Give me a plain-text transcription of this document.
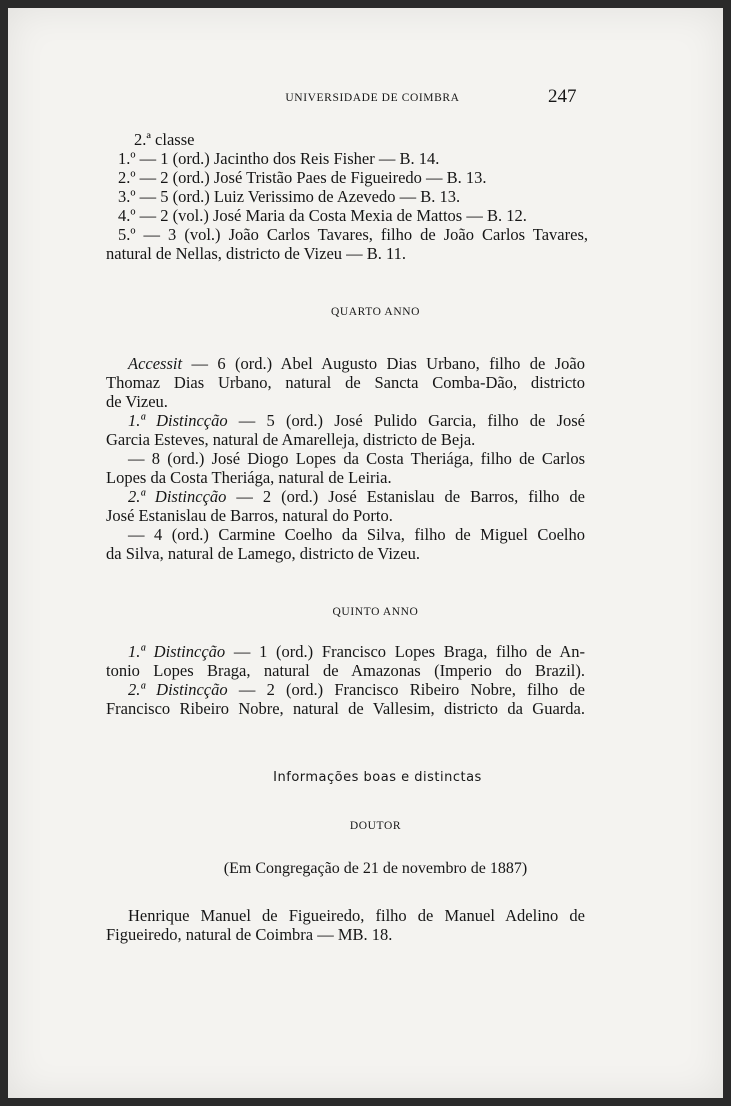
UNIVERSIDADE DE COIMBRA	247
2.ª classe
1.º — 1 (ord.) Jacintho dos Reis Fisher — B. 14.
2.º — 2 (ord.) José Tristão Paes de Figueiredo — B. 13.
3.º — 5 (ord.) Luiz Verissimo de Azevedo — B. 13.
4.º — 2 (vol.) José Maria da Costa Mexia de Mattos — B. 12.
5.º — 3 (vol.) João Carlos Tavares, filho de João Carlos Tavares,
natural de Nellas, districto de Vizeu — B. 11.
QUARTO ANNO
Accessit — 6 (ord.) Abel Augusto Dias Urbano, filho de João
Thomaz Dias Urbano, natural de Sancta Comba-Dão, districto
de Vizeu.
1.ª Distincção — 5 (ord.) José Pulido Garcia, filho de José
Garcia Esteves, natural de Amarelleja, districto de Beja.
— 8 (ord.) José Diogo Lopes da Costa Theriága, filho de Carlos
Lopes da Costa Theriága, natural de Leiria.
2.ª Distincção — 2 (ord.) José Estanislau de Barros, filho de
José Estanislau de Barros, natural do Porto.
— 4 (ord.) Carmine Coelho da Silva, filho de Miguel Coelho
da Silva, natural de Lamego, districto de Vizeu.
QUINTO ANNO
1.ª Distincção — 1 (ord.) Francisco Lopes Braga, filho de An-
tonio Lopes Braga, natural de Amazonas (Imperio do Brazil).
2.ª Distincção — 2 (ord.) Francisco Ribeiro Nobre, filho de
Francisco Ribeiro Nobre, natural de Vallesim, districto da Guarda.
Informações boas e distinctas
DOUTOR
(Em Congregação de 21 de novembro de 1887)
Henrique Manuel de Figueiredo, filho de Manuel Adelino de
Figueiredo, natural de Coimbra — MB. 18.
